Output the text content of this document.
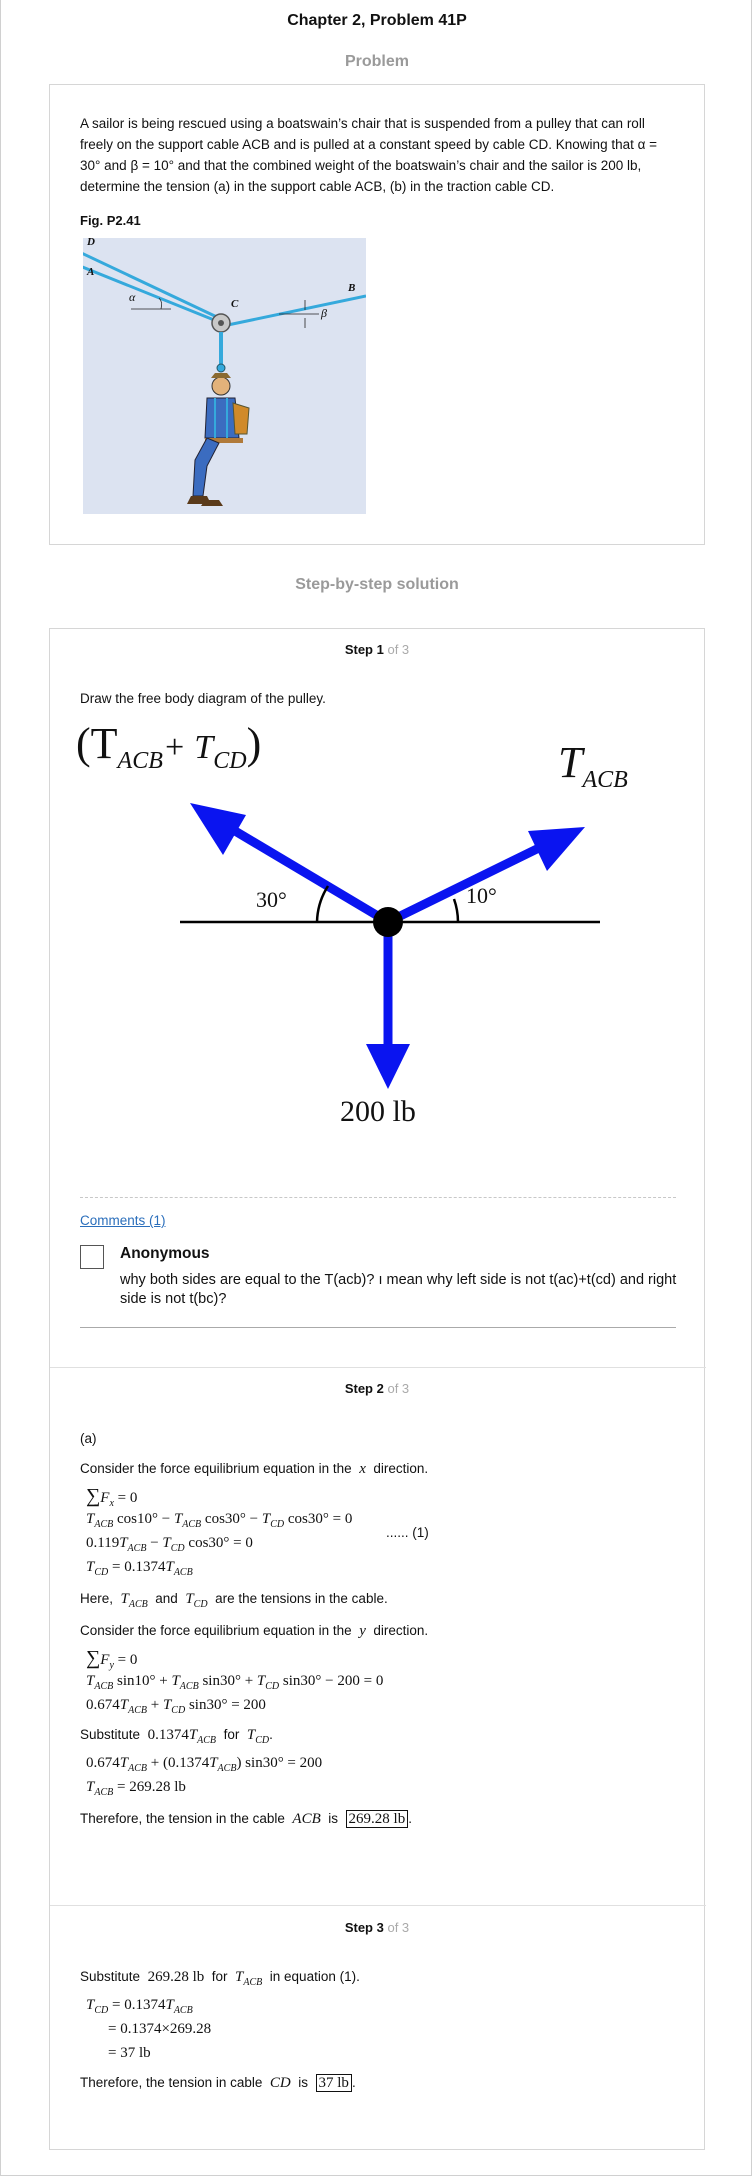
Chapter 2, Problem 41P
Problem
A sailor is being rescued using a boatswain’s chair that is suspended from a pulley that can roll freely on the support cable ACB and is pulled at a constant speed by cable CD. Knowing that α = 30° and β = 10° and that the combined weight of the boatswain’s chair and the sailor is 200 lb, determine the tension (a) in the support cable ACB, (b) in the traction cable CD.
Fig. P2.41
D
A
C
B
α
β
Step-by-step solution
Step 1 of 3
Draw the free body diagram of the pulley.
$(T_{ACB}+ T_{CD})$	$T_{ACB}$
30°	10°
200 lb
Comments (1)
Anonymous
why both sides are equal to the T(acb)? ı mean why left side is not t(ac)+t(cd) and right side is not t(bc)?
Step 2 of 3
(a)
Consider the force equilibrium equation in the x direction.
$\sum F_x = 0$
$T_{ACB}$ $\cos 10^\circ - T_{ACB}$ $\cos 30^\circ - T_{CD}$ cos30° = 0
...... (1)
$0.119T_{ACB} - T_{CD}$ cos30° = 0
$T_{CD} = 0.1374T_{ACB}$
Here, $T_{ACB}$ and $T_{CD}$ are the tensions in the cable.
Consider the force equilibrium equation in the y direction.
$\sum F_y = 0$
$T_{ACB}$ $\sin 10^\circ + T_{ACB}$ $\sin 30^\circ + T_{CD}$ sin30° − 200 = 0
$0.674T_{ACB} + T_{CD}$ sin30° = 200
Substitute $0.1374T_{ACB}$ for $T_{CD}$.
$0.674T_{ACB} + (0.1374T_{ACB}) \sin 30^\circ = 200$
$T_{ACB} = 269.28$ lb
Therefore, the tension in the cable ACB is 269.28 lb .
Step 3 of 3
Substitute 269.28 lb for $T_{ACB}$ in equation (1).
$T_{CD} = 0.1374T_{ACB}$
= 0.1374×269.28
= 37 lb
Therefore, the tension in cable CD is 37 lb .
